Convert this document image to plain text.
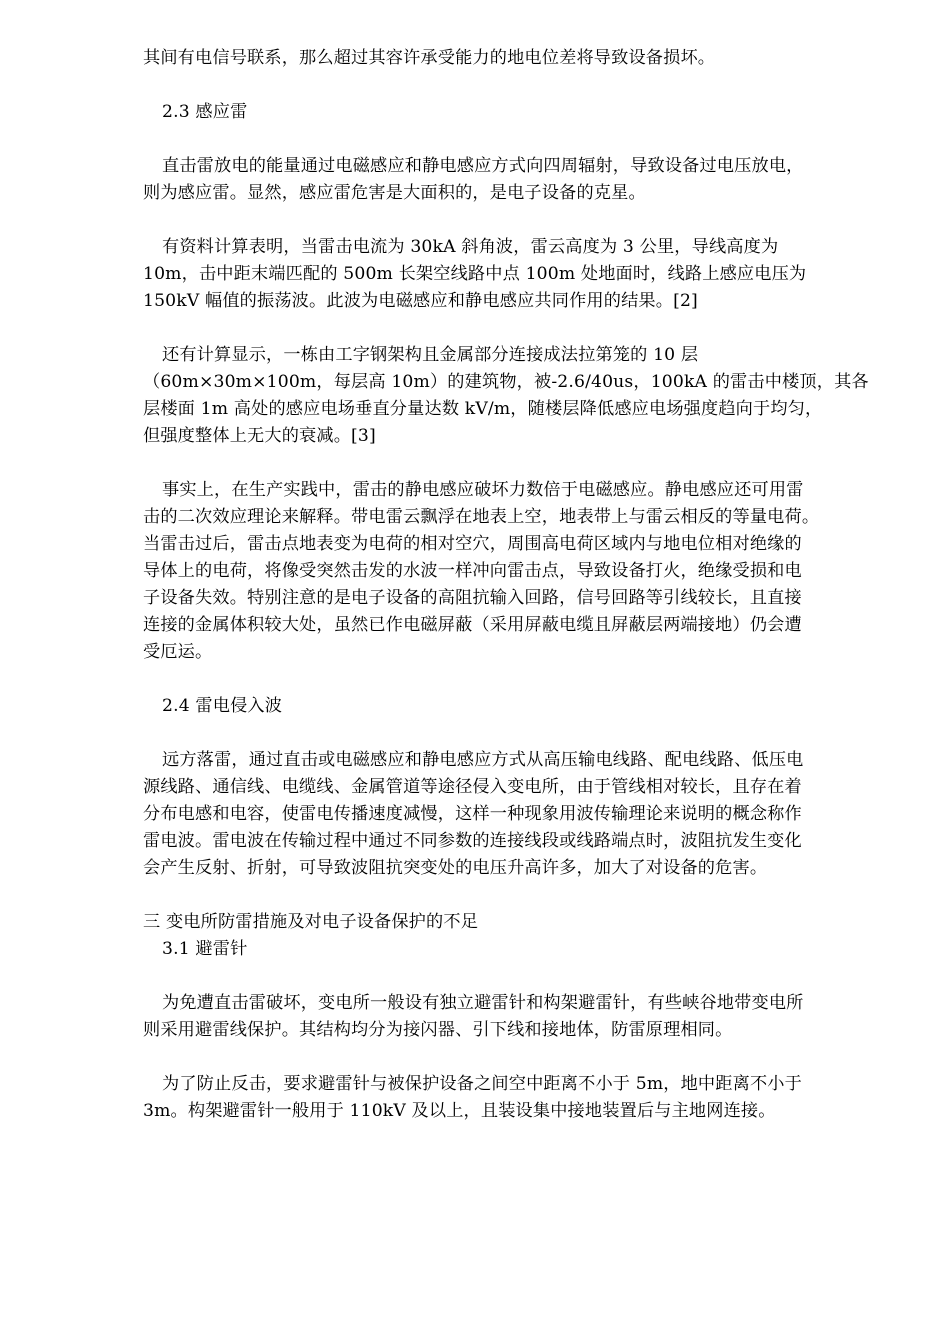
其间有电信号联系，那么超过其容许承受能力的地电位差将导致设备损坏。
2.3 感应雷
直击雷放电的能量通过电磁感应和静电感应方式向四周辐射，导致设备过电压放电，
则为感应雷。显然，感应雷危害是大面积的，是电子设备的克星。
有资料计算表明，当雷击电流为 30kA 斜角波，雷云高度为 3 公里，导线高度为
10m，击中距末端匹配的 500m 长架空线路中点 100m 处地面时，线路上感应电压为
150kV 幅值的振荡波。此波为电磁感应和静电感应共同作用的结果。[2]
还有计算显示，一栋由工字钢架构且金属部分连接成法拉第笼的 10 层
（60m×30m×100m，每层高 10m）的建筑物，被-2.6/40us，100kA 的雷击中楼顶，其各
层楼面 1m 高处的感应电场垂直分量达数 kV/m，随楼层降低感应电场强度趋向于均匀，
但强度整体上无大的衰减。[3]
事实上，在生产实践中，雷击的静电感应破坏力数倍于电磁感应。静电感应还可用雷
击的二次效应理论来解释。带电雷云飘浮在地表上空，地表带上与雷云相反的等量电荷。
当雷击过后，雷击点地表变为电荷的相对空穴，周围高电荷区域内与地电位相对绝缘的
导体上的电荷，将像受突然击发的水波一样冲向雷击点，导致设备打火，绝缘受损和电
子设备失效。特别注意的是电子设备的高阻抗输入回路，信号回路等引线较长，且直接
连接的金属体积较大处，虽然已作电磁屏蔽（采用屏蔽电缆且屏蔽层两端接地）仍会遭
受厄运。
2.4 雷电侵入波
远方落雷，通过直击或电磁感应和静电感应方式从高压输电线路、配电线路、低压电
源线路、通信线、电缆线、金属管道等途径侵入变电所，由于管线相对较长，且存在着
分布电感和电容，使雷电传播速度减慢，这样一种现象用波传输理论来说明的概念称作
雷电波。雷电波在传输过程中通过不同参数的连接线段或线路端点时，波阻抗发生变化
会产生反射、折射，可导致波阻抗突变处的电压升高许多，加大了对设备的危害。
三 变电所防雷措施及对电子设备保护的不足
3.1 避雷针
为免遭直击雷破坏，变电所一般设有独立避雷针和构架避雷针，有些峡谷地带变电所
则采用避雷线保护。其结构均分为接闪器、引下线和接地体，防雷原理相同。
为了防止反击，要求避雷针与被保护设备之间空中距离不小于 5m，地中距离不小于
3m。构架避雷针一般用于 110kV 及以上，且装设集中接地装置后与主地网连接。
